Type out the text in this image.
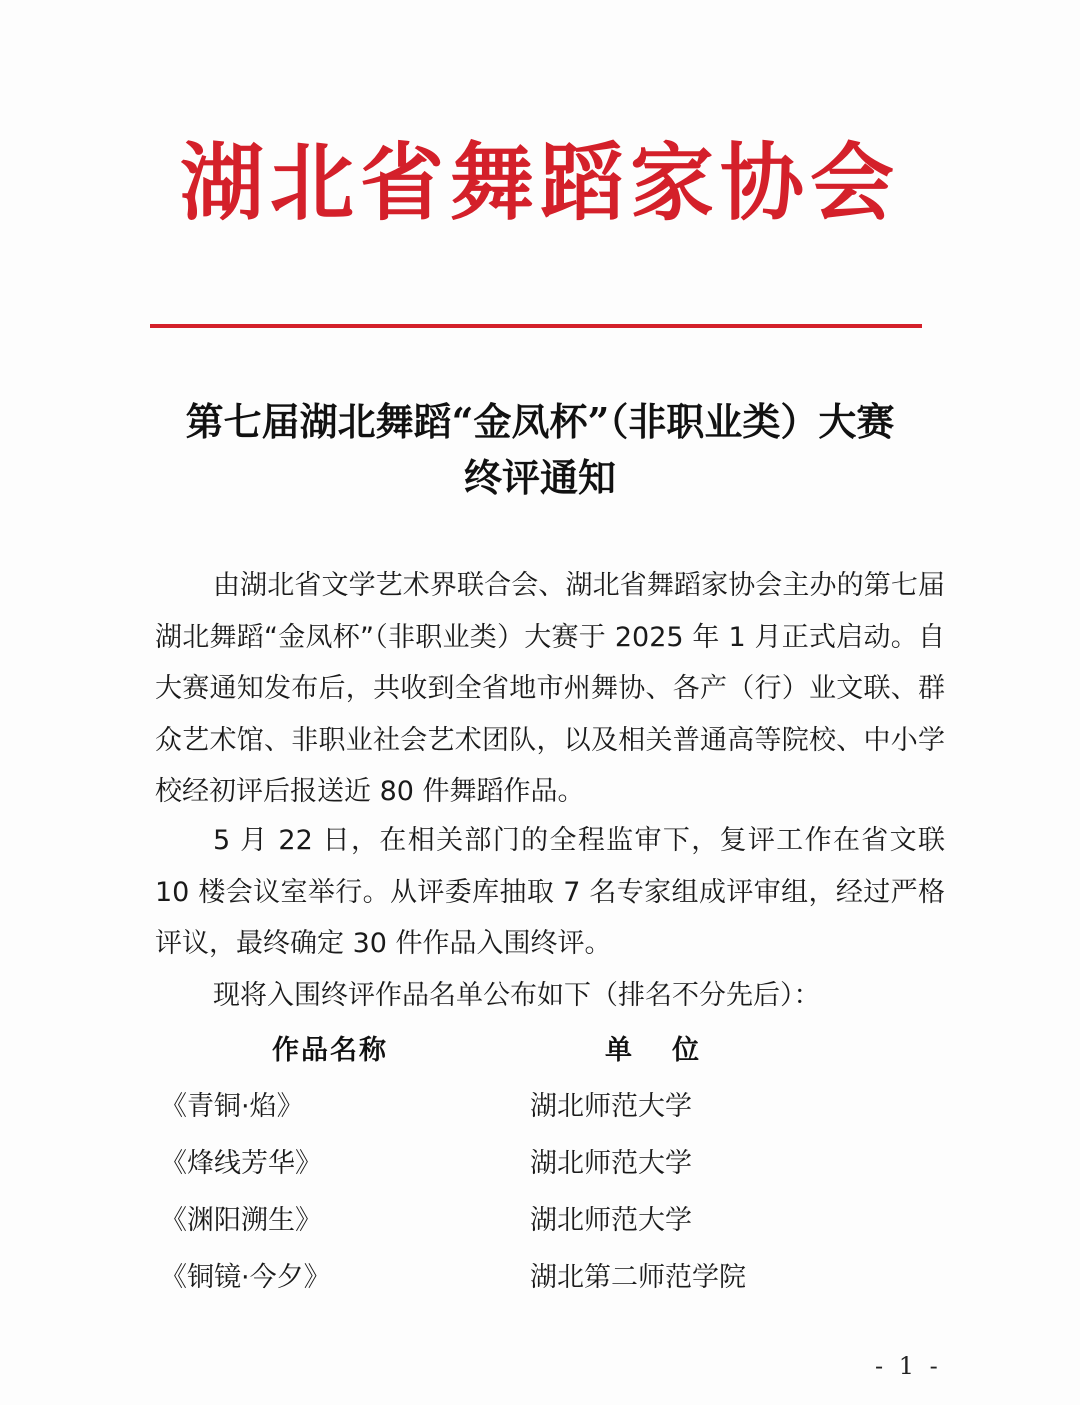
湖北省舞蹈家协会
第七届湖北舞蹈“金凤杯”（非职业类）大赛
终评通知

由湖北省文学艺术界联合会、湖北省舞蹈家协会主办的第七届湖北舞蹈“金凤杯”（非职业类）大赛于 2025 年 1 月正式启动。自大赛通知发布后，共收到全省地市州舞协、各产（行）业文联、群众艺术馆、非职业社会艺术团队，以及相关普通高等院校、中小学校经初评后报送近 80 件舞蹈作品。

5 月 22 日，在相关部门的全程监审下，复评工作在省文联 10 楼会议室举行。从评委库抽取 7 名专家组成评审组，经过严格评议，最终确定 30 件作品入围终评。

现将入围终评作品名单公布如下（排名不分先后）：

作品名称	单位
《青铜·焰》	湖北师范大学
《烽线芳华》	湖北师范大学
《渊阳溯生》	湖北师范大学
《铜镜·今夕》	湖北第二师范学院
- 1 -
